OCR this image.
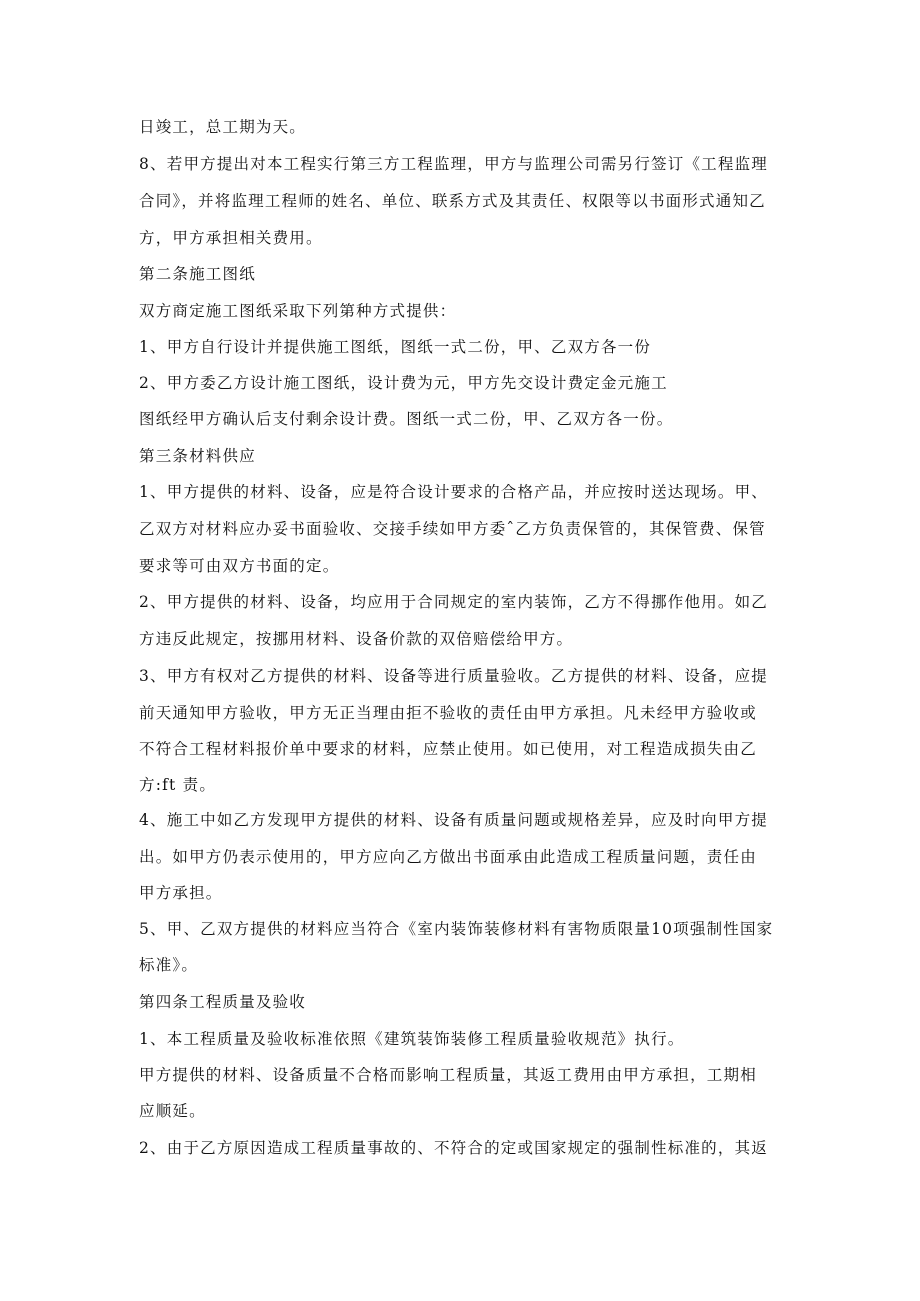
日竣工，总工期为天。
8、若甲方提出对本工程实行第三方工程监理，甲方与监理公司需另行签订《工程监理
合同》，并将监理工程师的姓名、单位、联系方式及其责任、权限等以书面形式通知乙
方，甲方承担相关费用。
第二条施工图纸
双方商定施工图纸采取下列第种方式提供：
1、甲方自行设计并提供施工图纸，图纸一式二份，甲、乙双方各一份
2、甲方委乙方设计施工图纸，设计费为元，甲方先交设计费定金元施工
图纸经甲方确认后支付剩余设计费。图纸一式二份，甲、乙双方各一份。
第三条材料供应
1、甲方提供的材料、设备，应是符合设计要求的合格产品，并应按时送达现场。甲、
乙双方对材料应办妥书面验收、交接手续如甲方委ˆ乙方负责保管的，其保管费、保管
要求等可由双方书面的定。
2、甲方提供的材料、设备，均应用于合同规定的室内装饰，乙方不得挪作他用。如乙
方违反此规定，按挪用材料、设备价款的双倍赔偿给甲方。
3、甲方有权对乙方提供的材料、设备等进行质量验收。乙方提供的材料、设备，应提
前天通知甲方验收，甲方无正当理由拒不验收的责任由甲方承担。凡未经甲方验收或
不符合工程材料报价单中要求的材料，应禁止使用。如已使用，对工程造成损失由乙
方:ft 责。
4、施工中如乙方发现甲方提供的材料、设备有质量问题或规格差异，应及时向甲方提
出。如甲方仍表示使用的，甲方应向乙方做出书面承由此造成工程质量问题，责任由
甲方承担。
5、甲、乙双方提供的材料应当符合《室内装饰装修材料有害物质限量10项强制性国家
标准》。
第四条工程质量及验收
1、本工程质量及验收标准依照《建筑装饰装修工程质量验收规范》执行。
甲方提供的材料、设备质量不合格而影响工程质量，其返工费用由甲方承担，工期相
应顺延。
2、由于乙方原因造成工程质量事故的、不符合的定或国家规定的强制性标准的，其返
